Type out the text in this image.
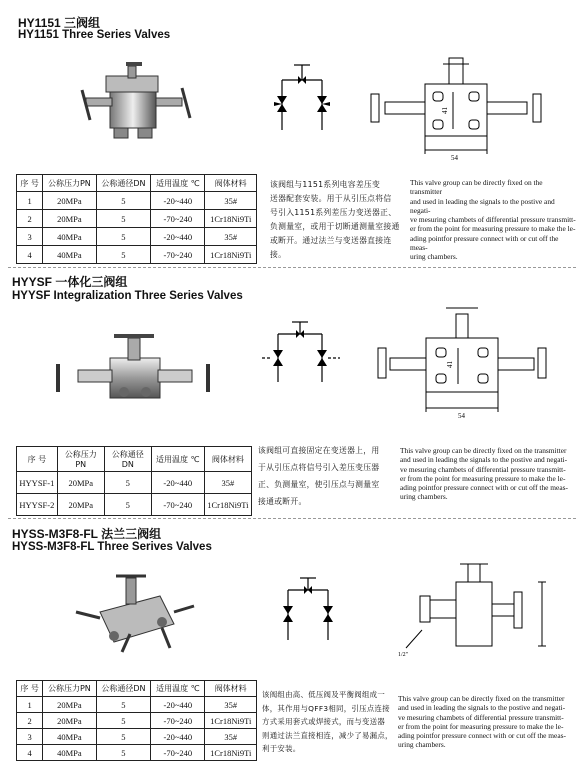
HY1151 三阀组
HY1151 Three Series Valves
41
54
序 号	公称压力PN	公称通径DN	适用温度 ℃	阀体材料
1	20MPa	5	-20~440	35#
2	20MPa	5	-70~240	1Cr18Ni9Ti
3	40MPa	5	-20~440	35#
4	40MPa	5	-70~240	1Cr18Ni9Ti
该阀组与1151系列电容差压变
送器配套安装。用于从引压点将信
号引入1151系列差压力变送器正、
负测量室，或用于切断通测量室接通
或断开。通过法兰与变送器直接连
接。
This valve group can be directly fixed on the transmitter
and used in leading the signals to the postive and negati-
ve mesuring chambets of differential pressure transmitt-
er from the point for measuring pressure to make the le-
ading pointfor pressure connect with or cut off the meas-
uring chambers.
HYYSF 一体化三阀组
HYYSF Integralization Three Series Valves
41
54
序 号	公称压力 PN	公称通径 DN	适用温度 ℃	阀体材料
HYYSF-1	20MPa	5	-20~440	35#
HYYSF-2	20MPa	5	-70~240	1Cr18Ni9Ti
该阀组可直接固定在变送器上，用
于从引压点将信号引入差压变压器
正、负测量室，使引压点与测量室
接通或断开。
This valve group can be directly fixed on the transmitter
and used in leading the signals to the postive and negati-
ve mesuring chambets of differential pressure transmitt-
er from the point for measuring pressure to make the le-
ading pointfor pressure connect with or cut off the meas-
uring chambers.
HYSS-M3F8-FL 法兰三阀组
HYSS-M3F8-FL Three Serives Valves
1/2"
序 号	公称压力PN	公称通径DN	适用温度 ℃	阀体材料
1	20MPa	5	-20~440	35#
2	20MPa	5	-70~240	1Cr18Ni9Ti
3	40MPa	5	-20~440	35#
4	40MPa	5	-70~240	1Cr18Ni9Ti
该阀组由高、低压阀及平衡阀组成一
体，其作用与QFF3相同，引压点连接
方式采用套式或焊接式，而与变送器
则通过法兰直接相连，减少了易漏点，
利于安装。
This valve group can be directly fixed on the transmitter
and used in leading the signals to the postive and negati-
ve mesuring chambets of differential pressure transmitt-
er from the point for measuring pressure to make the le-
ading pointfor pressure connect with or cut off the meas-
uring chambers.
